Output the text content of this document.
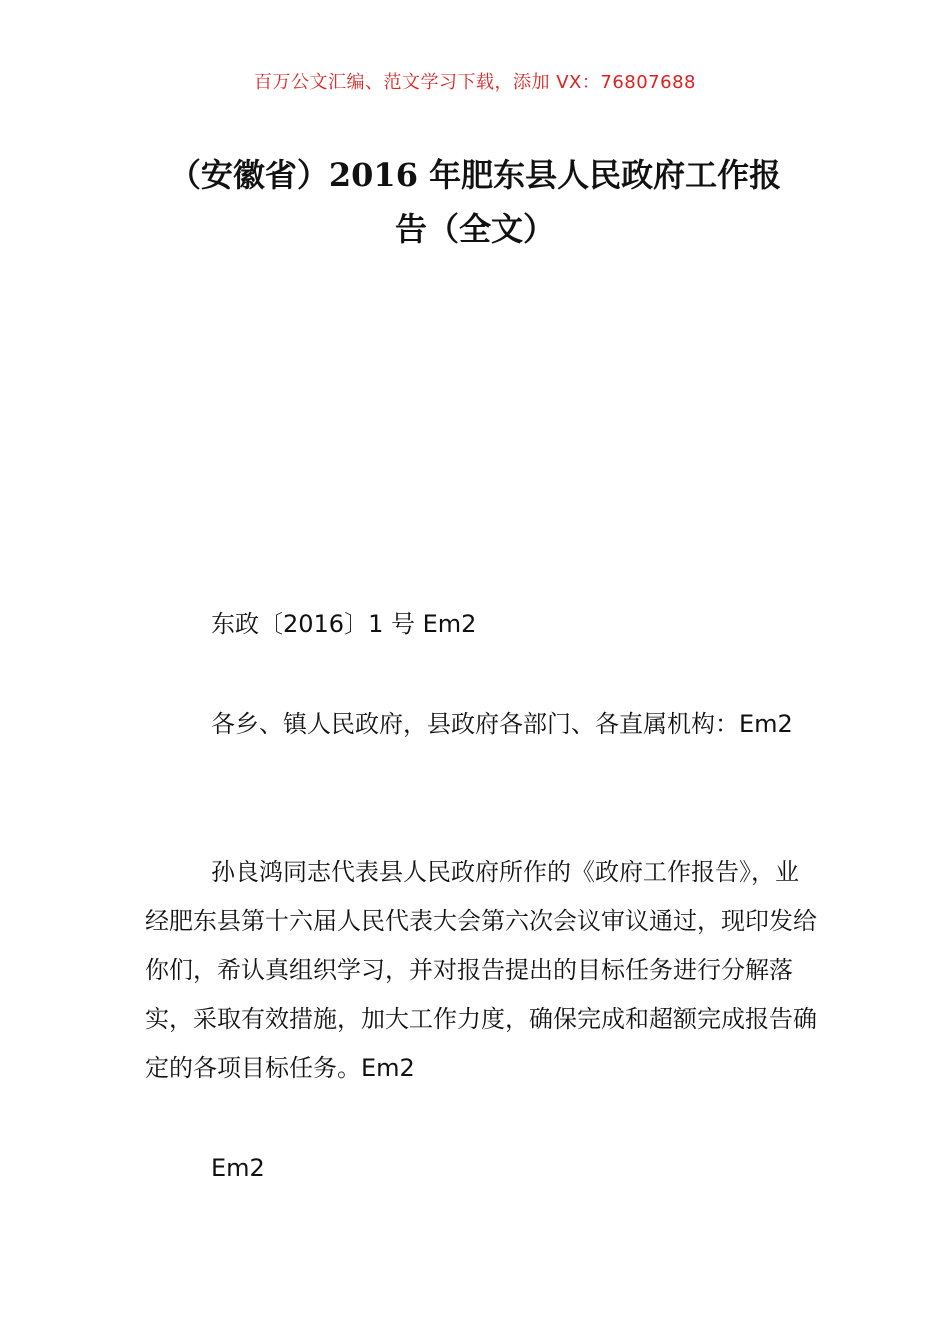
百万公文汇编、范文学习下载，添加 VX：76807688
（安徽省）2016 年肥东县人民政府工作报
告（全文）

东政〔2016〕1 号 Em2

各乡、镇人民政府，县政府各部门、各直属机构：Em2

孙良鸿同志代表县人民政府所作的《政府工作报告》，业经肥东县第十六届人民代表大会第六次会议审议通过，现印发给你们，希认真组织学习，并对报告提出的目标任务进行分解落实，采取有效措施，加大工作力度，确保完成和超额完成报告确定的各项目标任务。Em2

Em2
